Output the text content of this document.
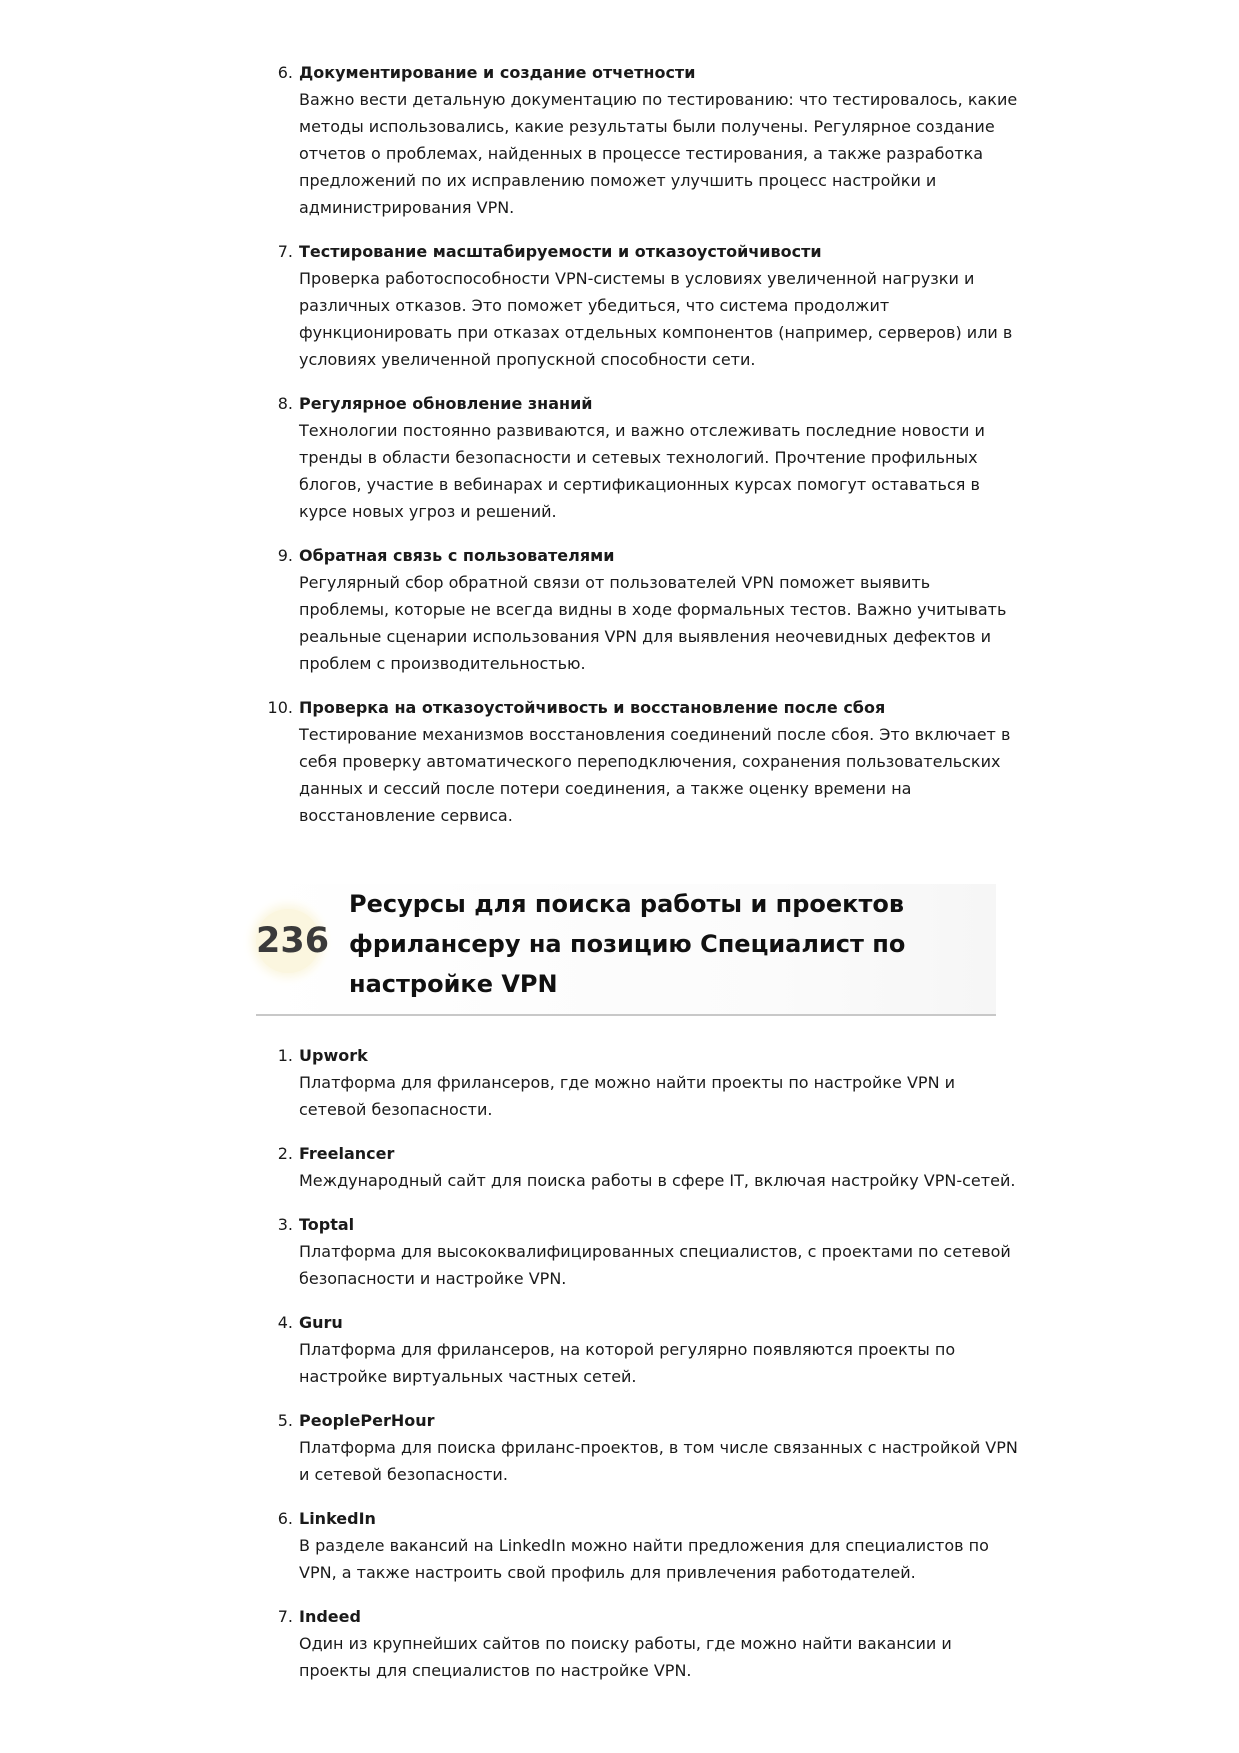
6. Документирование и создание отчетности
Важно вести детальную документацию по тестированию: что тестировалось, какие методы использовались, какие результаты были получены. Регулярное создание отчетов о проблемах, найденных в процессе тестирования, а также разработка предложений по их исправлению поможет улучшить процесс настройки и администрирования VPN.
7. Тестирование масштабируемости и отказоустойчивости
Проверка работоспособности VPN-системы в условиях увеличенной нагрузки и различных отказов. Это поможет убедиться, что система продолжит функционировать при отказах отдельных компонентов (например, серверов) или в условиях увеличенной пропускной способности сети.
8. Регулярное обновление знаний
Технологии постоянно развиваются, и важно отслеживать последние новости и тренды в области безопасности и сетевых технологий. Прочтение профильных блогов, участие в вебинарах и сертификационных курсах помогут оставаться в курсе новых угроз и решений.
9. Обратная связь с пользователями
Регулярный сбор обратной связи от пользователей VPN поможет выявить проблемы, которые не всегда видны в ходе формальных тестов. Важно учитывать реальные сценарии использования VPN для выявления неочевидных дефектов и проблем с производительностью.
10. Проверка на отказоустойчивость и восстановление после сбоя
Тестирование механизмов восстановления соединений после сбоя. Это включает в себя проверку автоматического переподключения, сохранения пользовательских данных и сессий после потери соединения, а также оценку времени на восстановление сервиса.
236
Ресурсы для поиска работы и проектов фрилансеру на позицию Специалист по настройке VPN
1. Upwork
Платформа для фрилансеров, где можно найти проекты по настройке VPN и сетевой безопасности.
2. Freelancer
Международный сайт для поиска работы в сфере IT, включая настройку VPN-сетей.
3. Toptal
Платформа для высококвалифицированных специалистов, с проектами по сетевой безопасности и настройке VPN.
4. Guru
Платформа для фрилансеров, на которой регулярно появляются проекты по настройке виртуальных частных сетей.
5. PeoplePerHour
Платформа для поиска фриланс-проектов, в том числе связанных с настройкой VPN и сетевой безопасности.
6. LinkedIn
В разделе вакансий на LinkedIn можно найти предложения для специалистов по VPN, а также настроить свой профиль для привлечения работодателей.
7. Indeed
Один из крупнейших сайтов по поиску работы, где можно найти вакансии и проекты для специалистов по настройке VPN.
